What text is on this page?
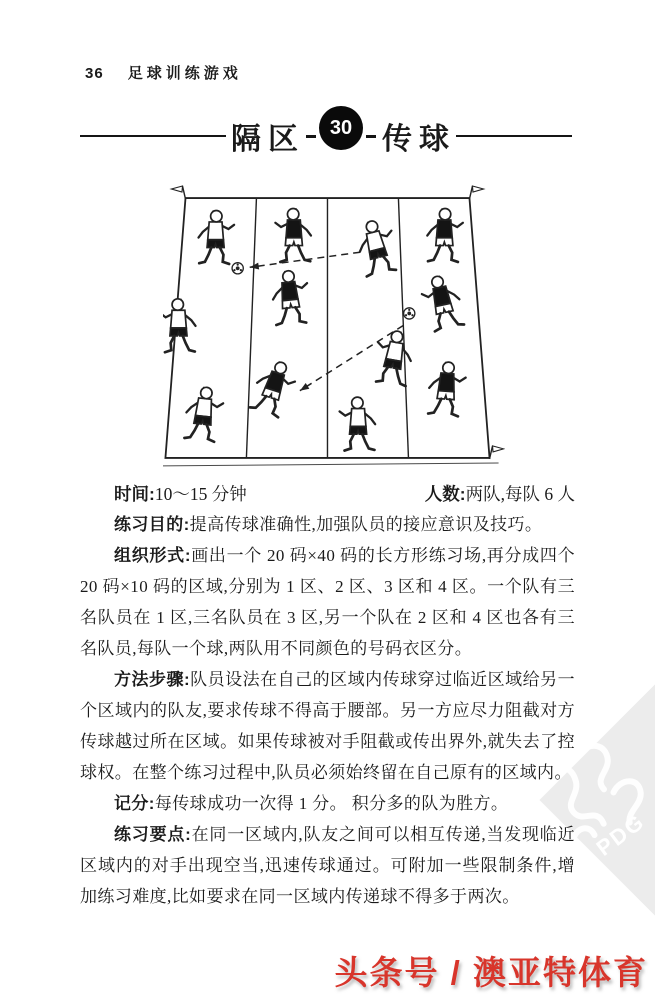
36 足球训练游戏
隔区	30 传球

时间:10～15 分钟	人数:两队,每队 6 人

练习目的:提高传球准确性,加强队员的接应意识及技巧。

组织形式:画出一个 20 码×40 码的长方形练习场,再分成四个 20 码×10 码的区域,分别为 1 区、2 区、3 区和 4 区。一个队有三名队员在 1 区,三名队员在 3 区,另一个队在 2 区和 4 区也各有三名队员,每队一个球,两队用不同颜色的号码衣区分。

方法步骤:队员设法在自己的区域内传球穿过临近区域给另一个区域内的队友,要求传球不得高于腰部。另一方应尽力阻截对方传球越过所在区域。如果传球被对手阻截或传出界外,就失去了控球权。在整个练习过程中,队员必须始终留在自己原有的区域内。

记分:每传球成功一次得 1 分。 积分多的队为胜方。

练习要点:在同一区域内,队友之间可以相互传递,当发现临近区域内的对手出现空当,迅速传球通过。可附加一些限制条件,增加练习难度,比如要求在同一区域内传递球不得多于两次。

PDG
头条号 / 澳亚特体育
